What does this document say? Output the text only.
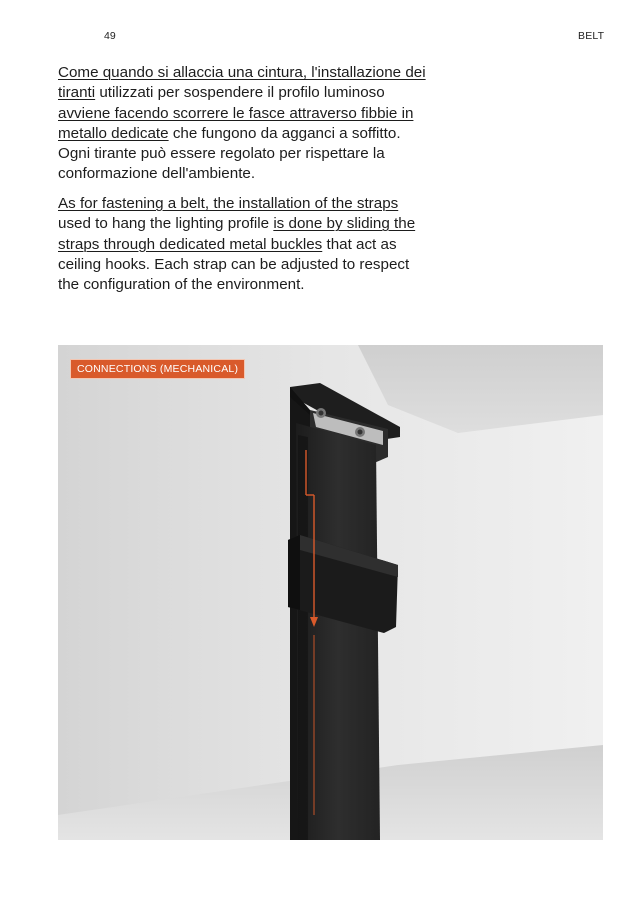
49	BELT

Come quando si allaccia una cintura, l'installazione dei tiranti utilizzati per sospendere il profilo luminoso avviene facendo scorrere le fasce attraverso fibbie in metallo dedicate che fungono da agganci a soffitto. Ogni tirante può essere regolato per rispettare la conformazione dell'ambiente.

As for fastening a belt, the installation of the straps used to hang the lighting profile is done by sliding the straps through dedicated metal buckles that act as ceiling hooks. Each strap can be adjusted to respect the configuration of the environment.

CONNECTIONS (MECHANICAL)
